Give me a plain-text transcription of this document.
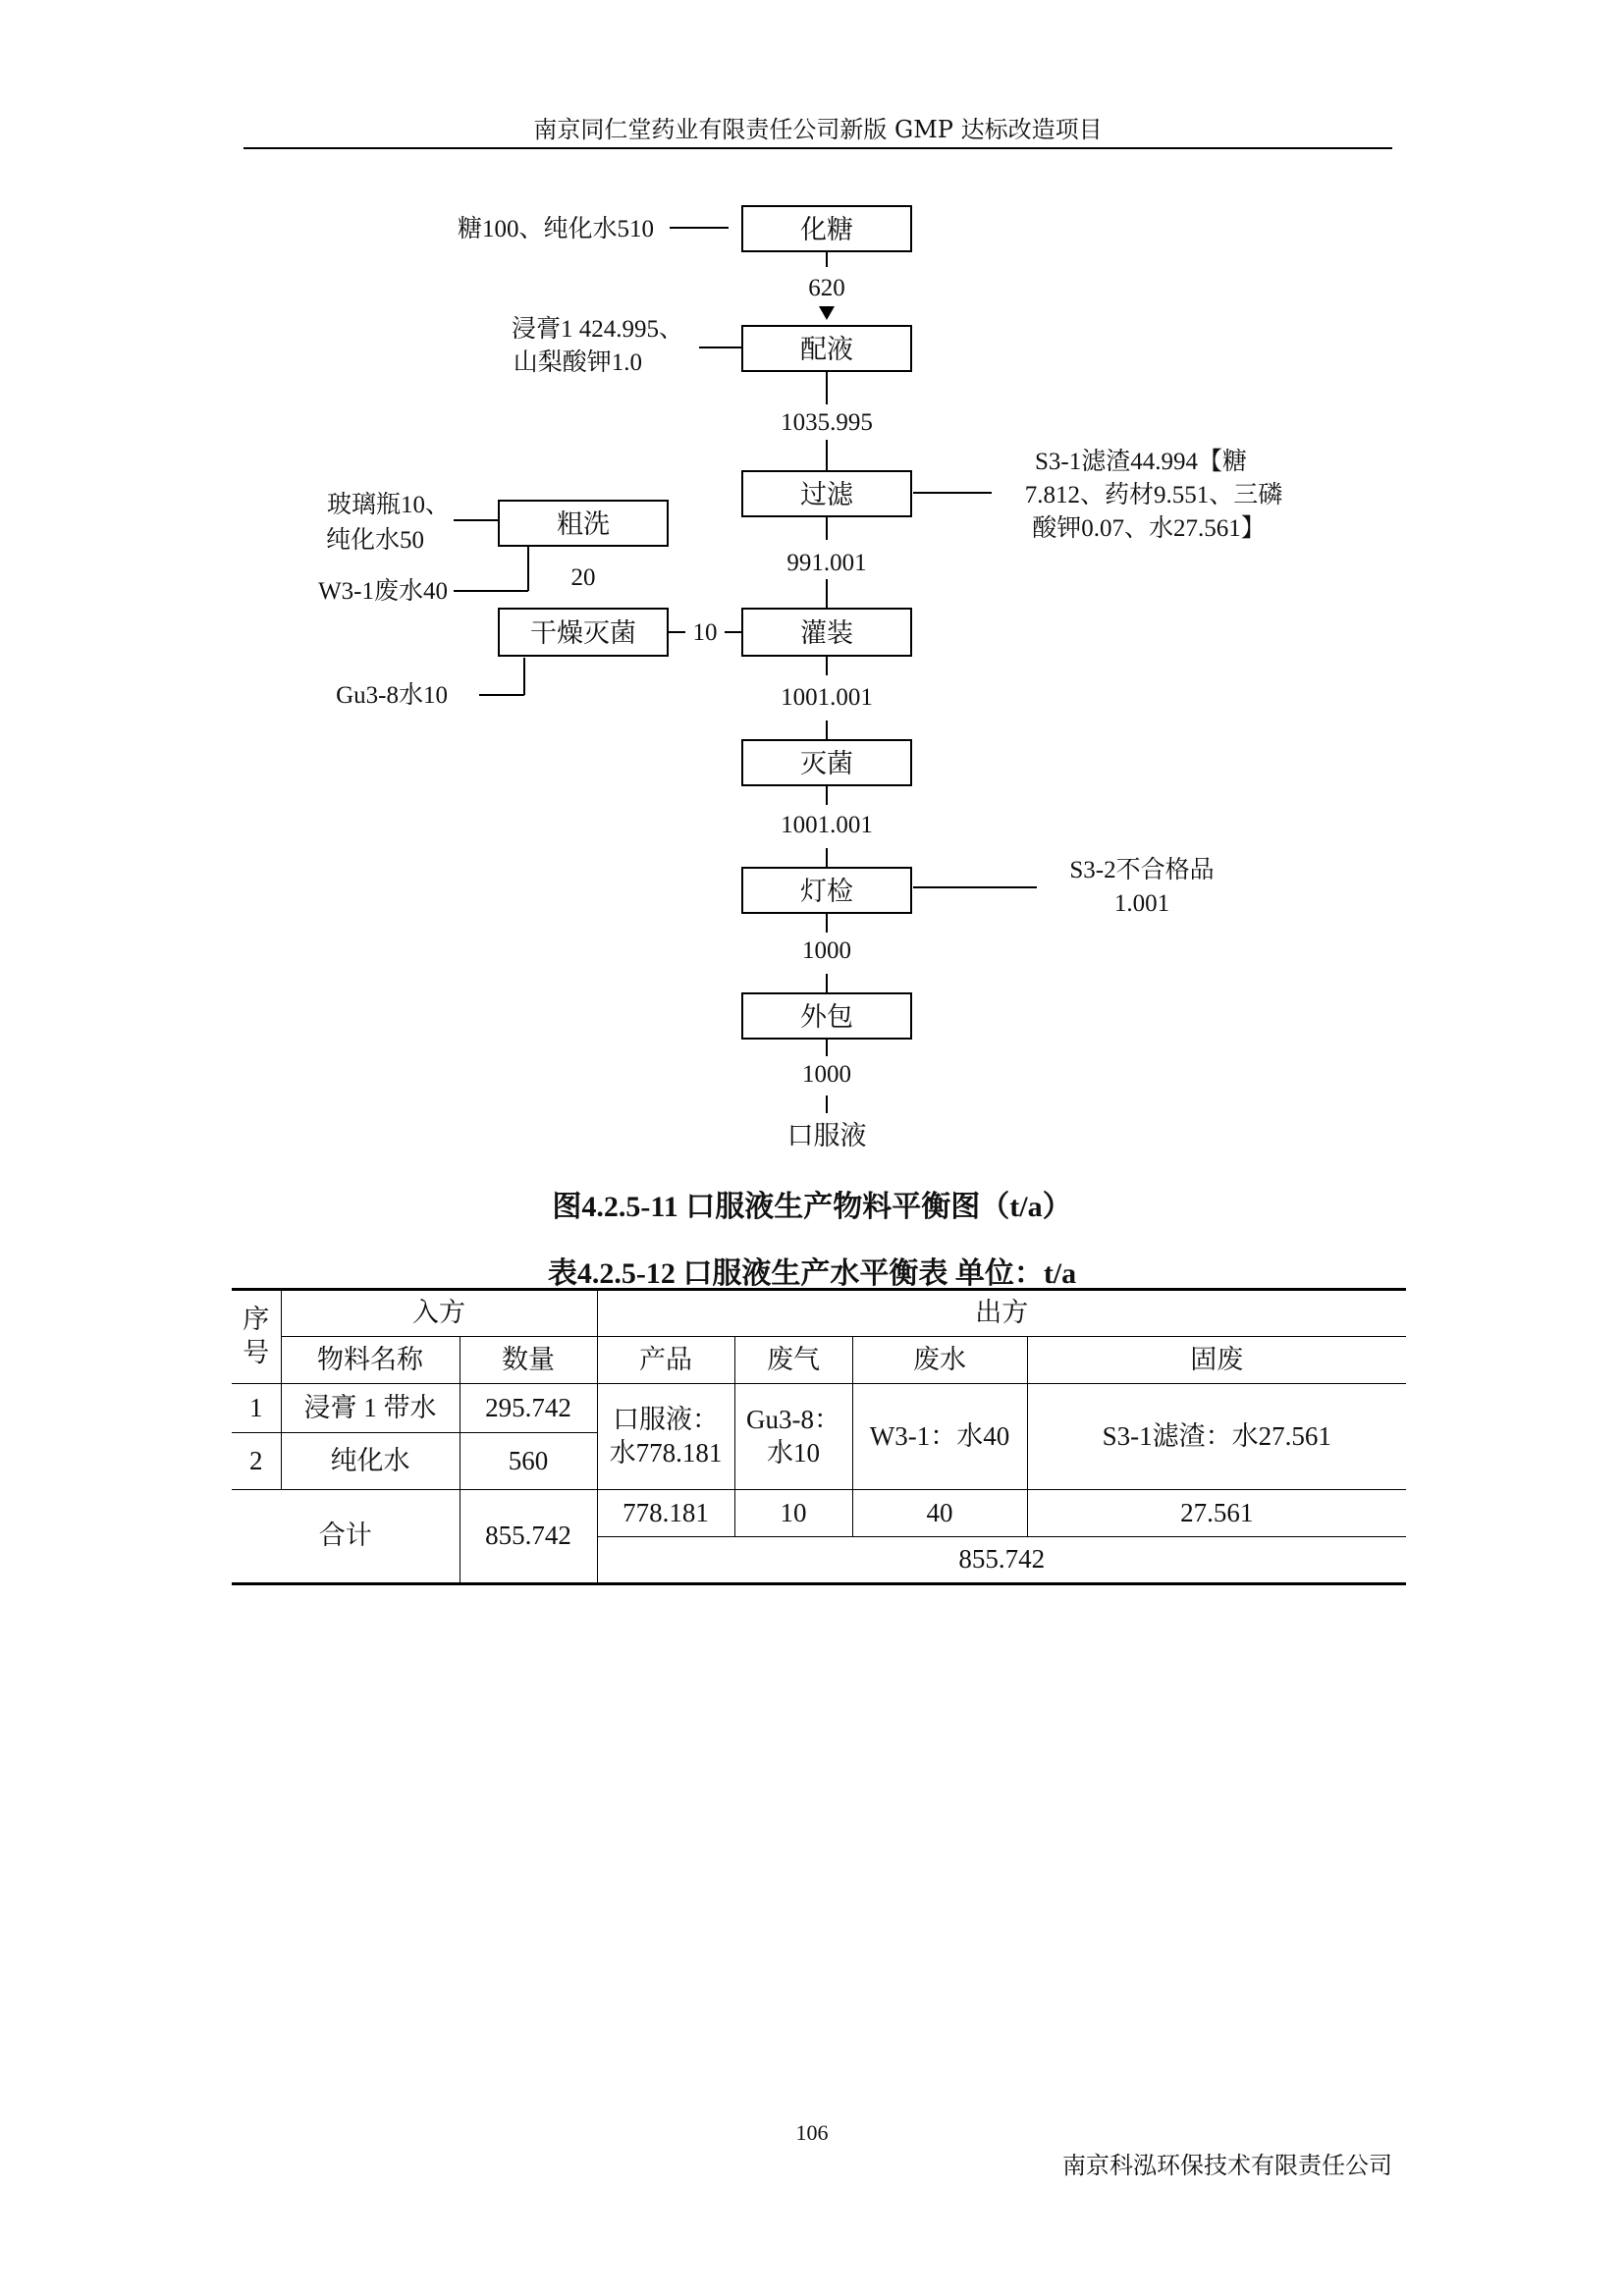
南京同仁堂药业有限责任公司新版 GMP 达标改造项目
化糖
配液
过滤
灌装
灭菌
灯检
外包
粗洗
干燥灭菌
620
1035.995
991.001
1001.001
1001.001
1000
1000
口服液
20
10
S3-1滤渣44.994【糖
7.812、药材9.551、三磷
酸钾0.07、水27.561】
S3-2不合格品
1.001
糖100、纯化水510
浸膏1 424.995、
山梨酸钾1.0
玻璃瓶10、
纯化水50
W3-1废水40
Gu3-8水10
图4.2.5-11 口服液生产物料平衡图（t/a）
表4.2.5-12 口服液生产水平衡表 单位：t/a
序号	入方		出方			
	物料名称	数量	产品	废气	废水	固废
1	浸膏 1 带水	295.742	口服液：水778.181	Gu3-8：水10	W3-1：水40	S3-1滤渣：水27.561
2	纯化水	560				
合计		855.742	778.181	10	40	27.561
			855.742			
106
南京科泓环保技术有限责任公司
